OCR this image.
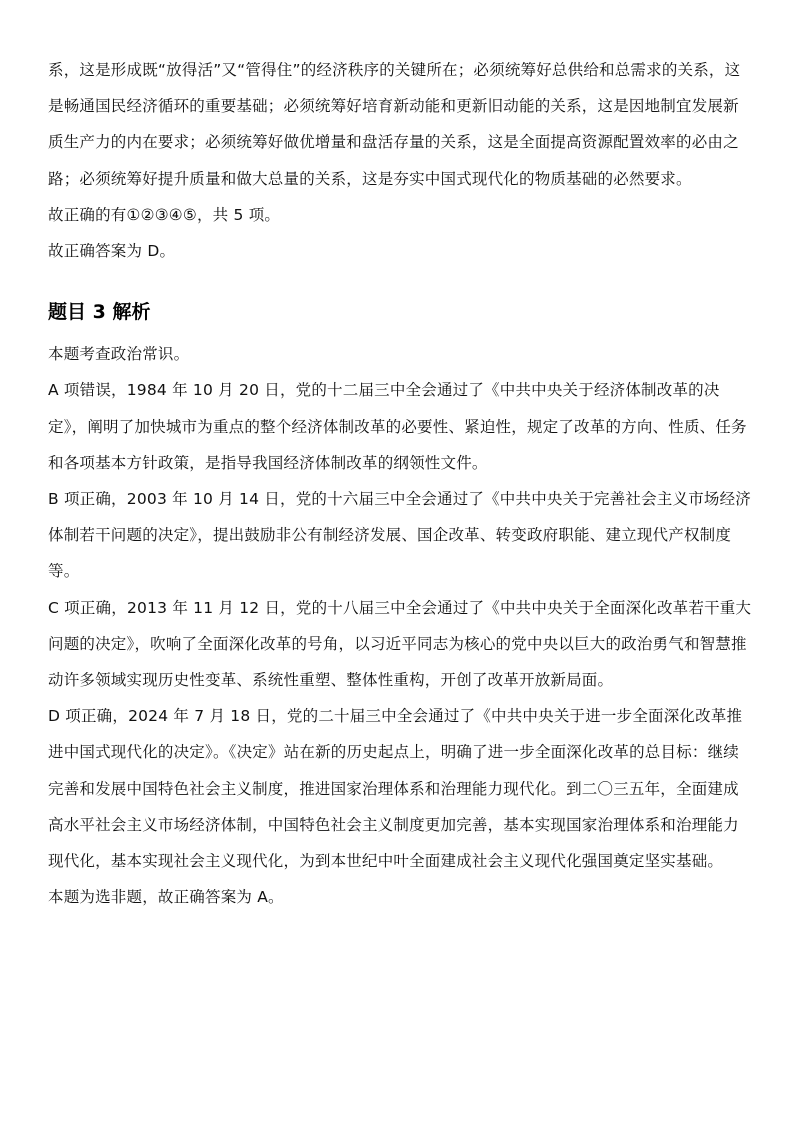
系，这是形成既“放得活”又“管得住”的经济秩序的关键所在；必须统筹好总供给和总需求的关系，这是畅通国民经济循环的重要基础；必须统筹好培育新动能和更新旧动能的关系，这是因地制宜发展新质生产力的内在要求；必须统筹好做优增量和盘活存量的关系，这是全面提高资源配置效率的必由之路；必须统筹好提升质量和做大总量的关系，这是夯实中国式现代化的物质基础的必然要求。

故正确的有①②③④⑤，共 5 项。

故正确答案为 D。

题目 3 解析

本题考查政治常识。

A 项错误，1984 年 10 月 20 日，党的十二届三中全会通过了《中共中央关于经济体制改革的决定》，阐明了加快城市为重点的整个经济体制改革的必要性、紧迫性，规定了改革的方向、性质、任务和各项基本方针政策，是指导我国经济体制改革的纲领性文件。

B 项正确，2003 年 10 月 14 日，党的十六届三中全会通过了《中共中央关于完善社会主义市场经济体制若干问题的决定》，提出鼓励非公有制经济发展、国企改革、转变政府职能、建立现代产权制度等。

C 项正确，2013 年 11 月 12 日，党的十八届三中全会通过了《中共中央关于全面深化改革若干重大问题的决定》，吹响了全面深化改革的号角，以习近平同志为核心的党中央以巨大的政治勇气和智慧推动许多领域实现历史性变革、系统性重塑、整体性重构，开创了改革开放新局面。

D 项正确，2024 年 7 月 18 日，党的二十届三中全会通过了《中共中央关于进一步全面深化改革推进中国式现代化的决定》。《决定》站在新的历史起点上，明确了进一步全面深化改革的总目标：继续完善和发展中国特色社会主义制度，推进国家治理体系和治理能力现代化。到二〇三五年，全面建成高水平社会主义市场经济体制，中国特色社会主义制度更加完善，基本实现国家治理体系和治理能力现代化，基本实现社会主义现代化，为到本世纪中叶全面建成社会主义现代化强国奠定坚实基础。

本题为选非题，故正确答案为 A。
